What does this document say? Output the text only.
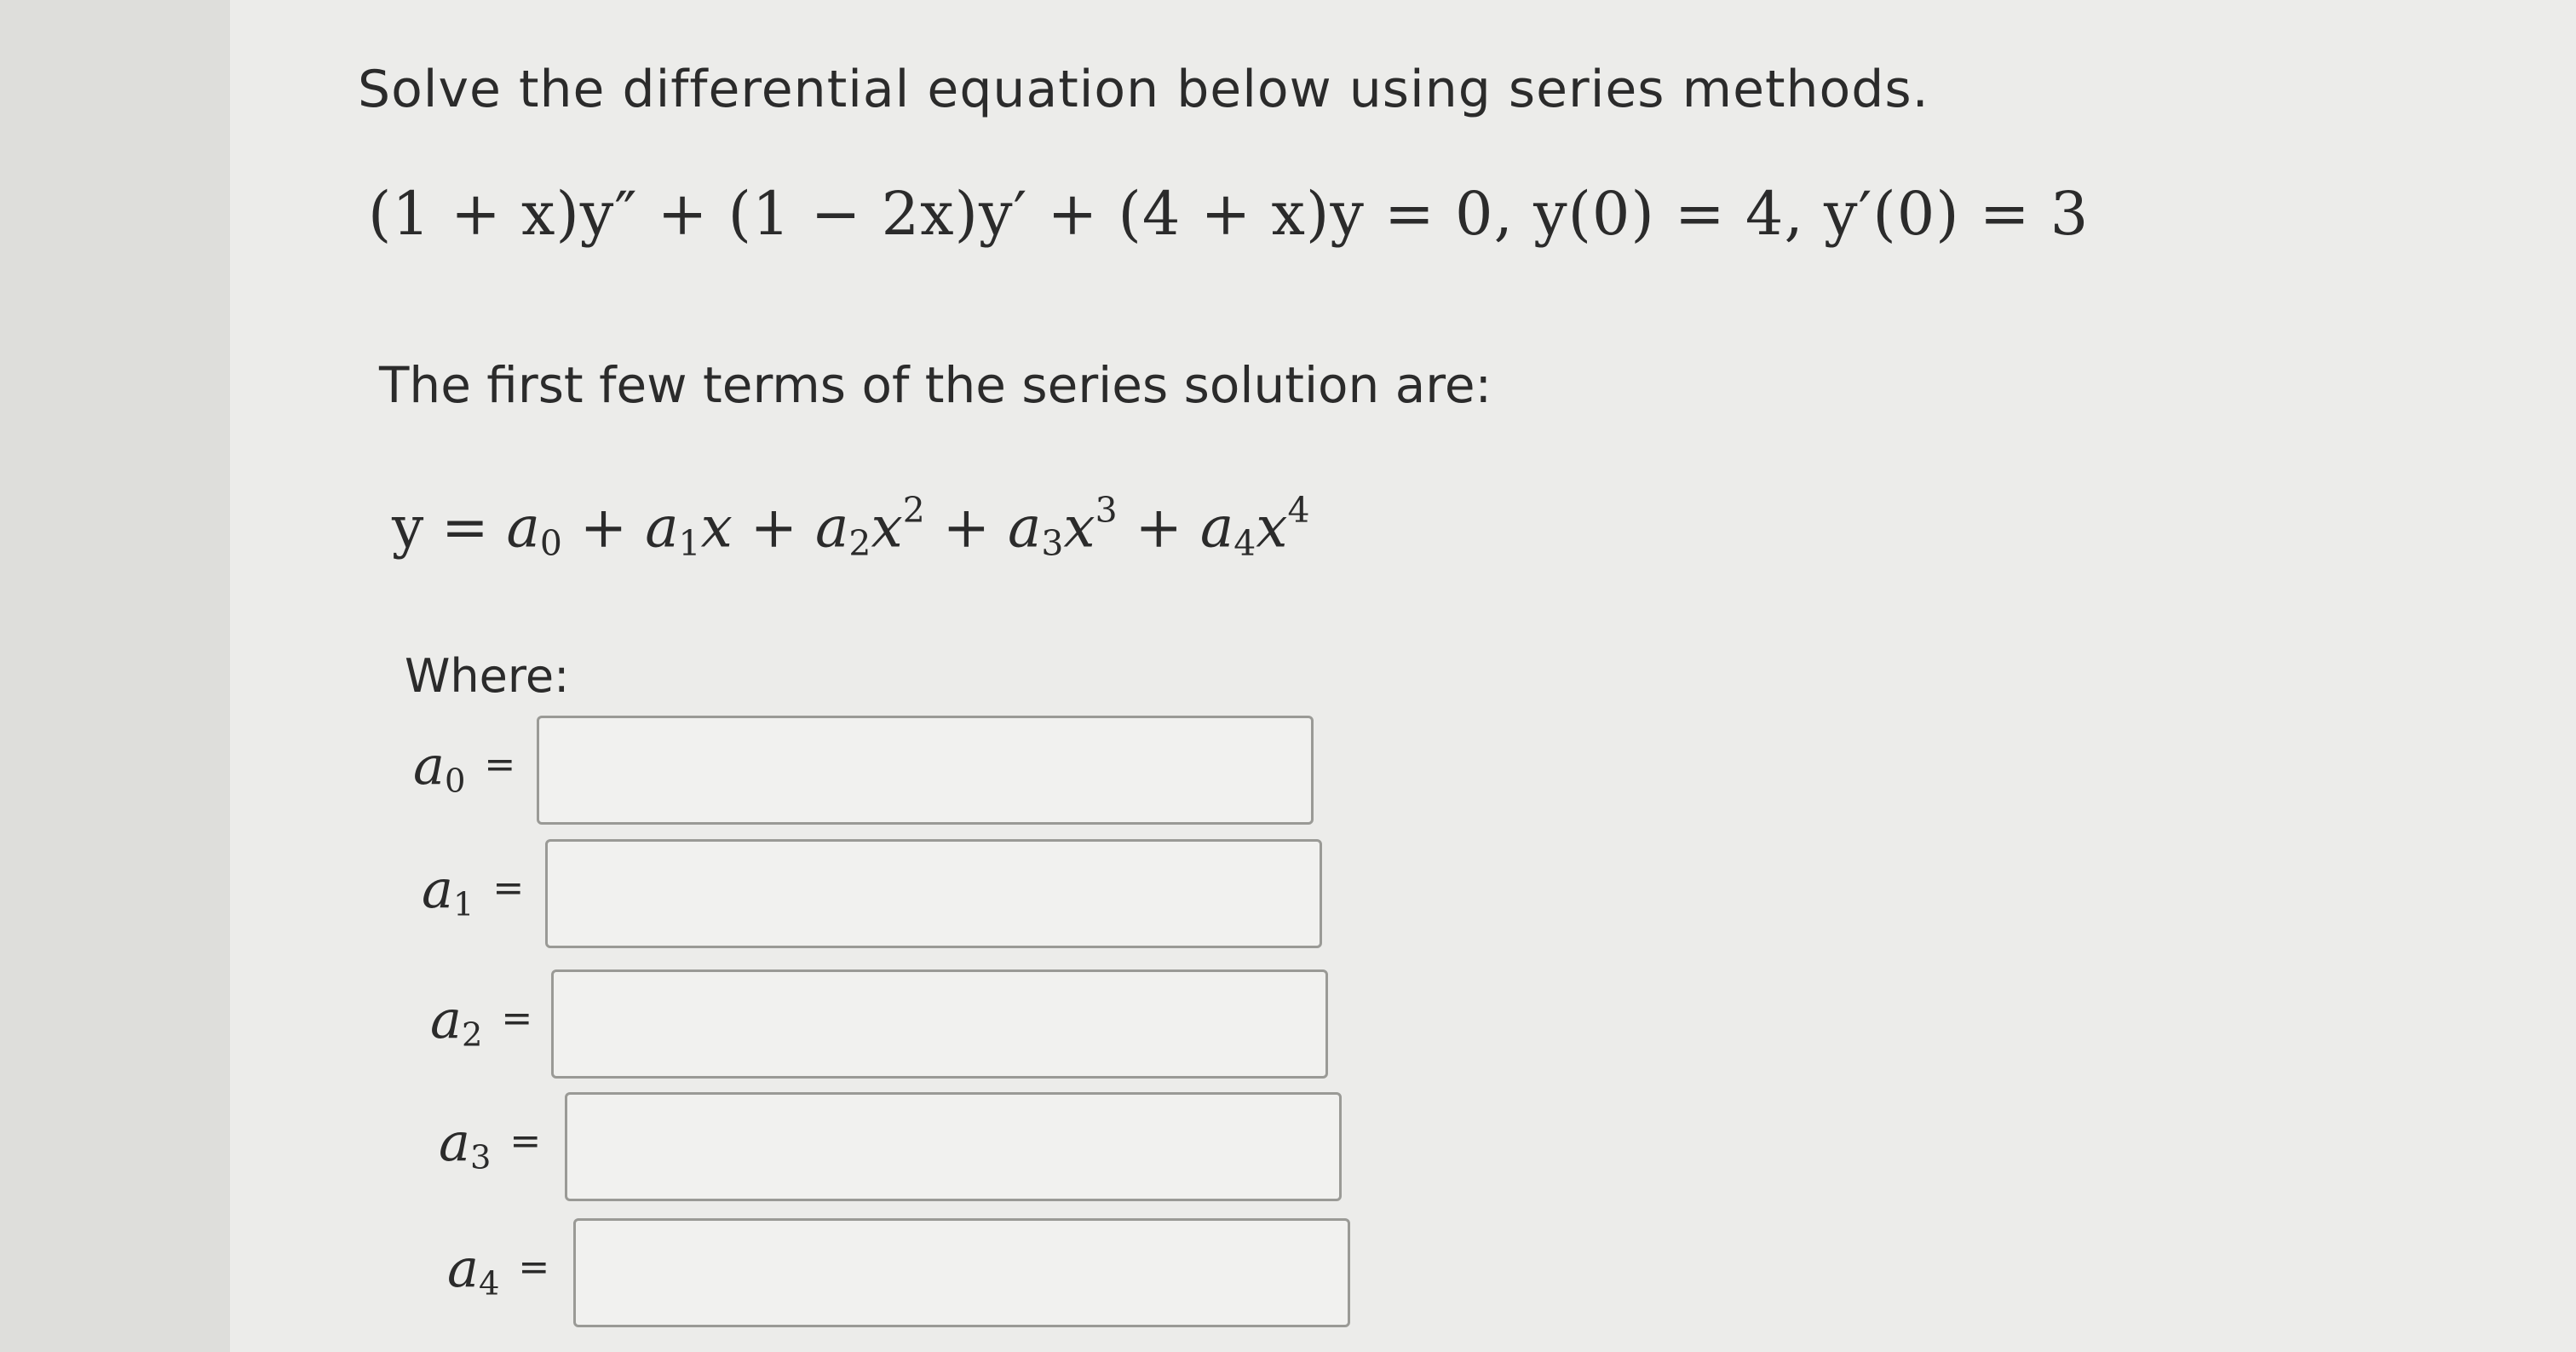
Solve the differential equation below using series methods.
(1 + x)y″ + (1 − 2x)y′ + (4 + x)y = 0, y(0) = 4, y′(0) = 3
The first few terms of the series solution are:
$y = a_0 + a_1x + a_2x^2 + a_3x^3 + a_4x^4$
Where:
$a_0$ =
$a_1$ =
$a_2$ =
$a_3$ =
$a_4$ =
